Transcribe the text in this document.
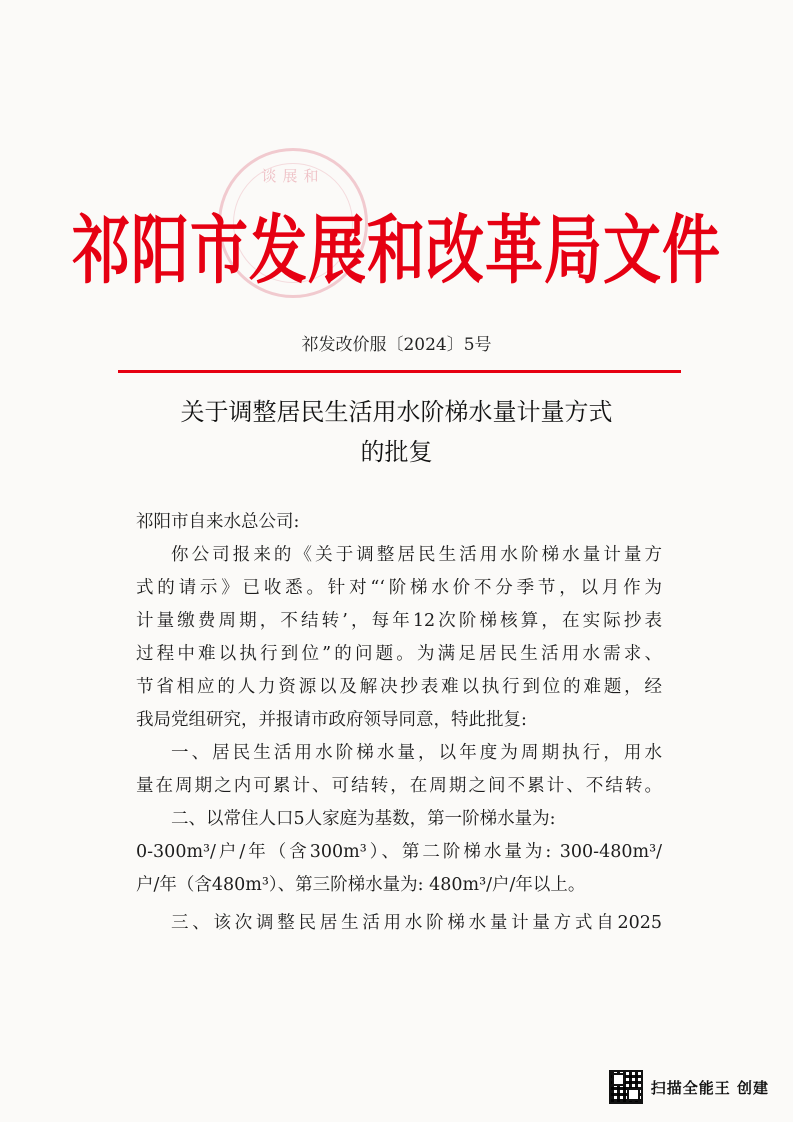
谈展和
祁阳市发展和改革局文件
祁发改价服〔2024〕5号
关于调整居民生活用水阶梯水量计量方式
的批复
祁阳市自来水总公司:
你公司报来的《关于调整居民生活用水阶梯水量计量方
式的请示》已收悉。针对“‘阶梯水价不分季节，以月作为
计量缴费周期，不结转’，每年12次阶梯核算，在实际抄表
过程中难以执行到位”的问题。为满足居民生活用水需求、
节省相应的人力资源以及解决抄表难以执行到位的难题，经
我局党组研究，并报请市政府领导同意，特此批复:
一、居民生活用水阶梯水量，以年度为周期执行，用水
量在周期之内可累计、可结转，在周期之间不累计、不结转。
二、以常住人口5人家庭为基数，第一阶梯水量为:
0-300m³/户/年（含300m³）、第二阶梯水量为: 300-480m³/
户/年（含480m³）、第三阶梯水量为: 480m³/户/年以上。
三、该次调整民居生活用水阶梯水量计量方式自2025
扫描全能王 创建
